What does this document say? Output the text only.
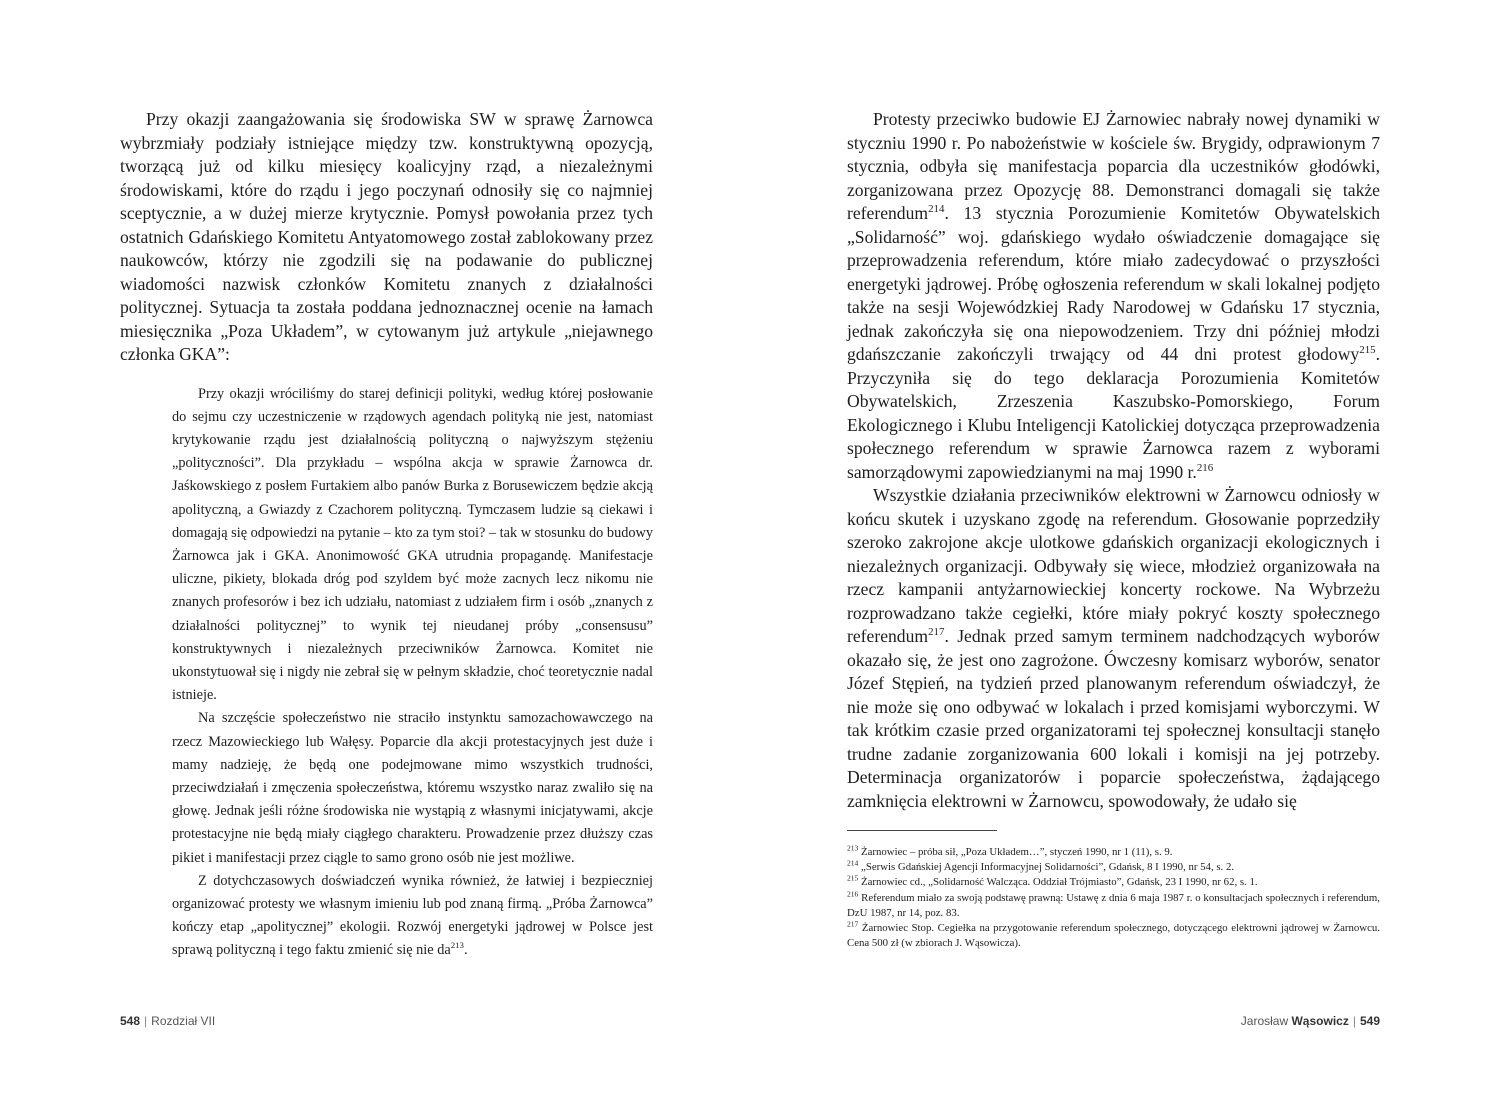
Przy okazji zaangażowania się środowiska SW w sprawę Żarnowca wybrzmiały podziały istniejące między tzw. konstruktywną opozycją, tworzącą już od kilku miesięcy koalicyjny rząd, a niezależnymi środowiskami, które do rządu i jego poczynań odnosiły się co najmniej sceptycznie, a w dużej mierze krytycznie. Pomysł powołania przez tych ostatnich Gdańskiego Komitetu Antyatomowego został zablokowany przez naukowców, którzy nie zgodzili się na podawanie do publicznej wiadomości nazwisk członków Komitetu znanych z działalności politycznej. Sytuacja ta została poddana jednoznacznej ocenie na łamach miesięcznika „Poza Układem”, w cytowanym już artykule „niejawnego członka GKA”:

Przy okazji wróciliśmy do starej definicji polityki, według której posłowanie do sejmu czy uczestniczenie w rządowych agendach polityką nie jest, natomiast krytykowanie rządu jest działalnością polityczną o najwyższym stężeniu „polityczności”. Dla przykładu – wspólna akcja w sprawie Żarnowca dr. Jaśkowskiego z posłem Furtakiem albo panów Burka z Borusewiczem będzie akcją apolityczną, a Gwiazdy z Czachorem polityczną. Tymczasem ludzie są ciekawi i domagają się odpowiedzi na pytanie – kto za tym stoi? – tak w stosunku do budowy Żarnowca jak i GKA. Anonimowość GKA utrudnia propagandę. Manifestacje uliczne, pikiety, blokada dróg pod szyldem być może zacnych lecz nikomu nie znanych profesorów i bez ich udziału, natomiast z udziałem firm i osób „znanych z działalności politycznej” to wynik tej nieudanej próby „consensusu” konstruktywnych i niezależnych przeciwników Żarnowca. Komitet nie ukonstytuował się i nigdy nie zebrał się w pełnym składzie, choć teoretycznie nadal istnieje.

Na szczęście społeczeństwo nie straciło instynktu samozachowawczego na rzecz Mazowieckiego lub Wałęsy. Poparcie dla akcji protestacyjnych jest duże i mamy nadzieję, że będą one podejmowane mimo wszystkich trudności, przeciwdziałań i zmęczenia społeczeństwa, któremu wszystko naraz zwaliło się na głowę. Jednak jeśli różne środowiska nie wystąpią z własnymi inicjatywami, akcje protestacyjne nie będą miały ciągłego charakteru. Prowadzenie przez dłuższy czas pikiet i manifestacji przez ciągle to samo grono osób nie jest możliwe.

Z dotychczasowych doświadczeń wynika również, że łatwiej i bezpieczniej organizować protesty we własnym imieniu lub pod znaną firmą. „Próba Żarnowca” kończy etap „apolitycznej” ekologii. Rozwój energetyki jądrowej w Polsce jest sprawą polityczną i tego faktu zmienić się nie $da^{213}$.

548 | Rozdział VII

Protesty przeciwko budowie EJ Żarnowiec nabrały nowej dynamiki w styczniu 1990 r. Po nabożeństwie w kościele św. Brygidy, odprawionym 7 stycznia, odbyła się manifestacja poparcia dla uczestników głodówki, zorganizowana przez Opozycję 88. Demonstranci domagali się także referendum$^{214}$. 13 stycznia Porozumienie Komitetów Obywatelskich „Solidarność” woj. gdańskiego wydało oświadczenie domagające się przeprowadzenia referendum, które miało zadecydować o przyszłości energetyki jądrowej. Próbę ogłoszenia referendum w skali lokalnej podjęto także na sesji Wojewódzkiej Rady Narodowej w Gdańsku 17 stycznia, jednak zakończyła się ona niepowodzeniem. Trzy dni później młodzi gdańszczanie zakończyli trwający od 44 dni protest głodowy$^{215}$. Przyczyniła się do tego deklaracja Porozumienia Komitetów Obywatelskich, Zrzeszenia Kaszubsko-Pomorskiego, Forum Ekologicznego i Klubu Inteligencji Katolickiej dotycząca przeprowadzenia społecznego referendum w sprawie Żarnowca razem z wyborami samorządowymi zapowiedzianymi na maj 1990 r.$^{216}$

Wszystkie działania przeciwników elektrowni w Żarnowcu odniosły w końcu skutek i uzyskano zgodę na referendum. Głosowanie poprzedziły szeroko zakrojone akcje ulotkowe gdańskich organizacji ekologicznych i niezależnych organizacji. Odbywały się wiece, młodzież organizowała na rzecz kampanii antyżarnowieckiej koncerty rockowe. Na Wybrzeżu rozprowadzano także cegiełki, które miały pokryć koszty społecznego referendum$^{217}$. Jednak przed samym terminem nadchodzących wyborów okazało się, że jest ono zagrożone. Ówczesny komisarz wyborów, senator Józef Stępień, na tydzień przed planowanym referendum oświadczył, że nie może się ono odbywać w lokalach i przed komisjami wyborczymi. W tak krótkim czasie przed organizatorami tej społecznej konsultacji stanęło trudne zadanie zorganizowania 600 lokali i komisji na jej potrzeby. Determinacja organizatorów i poparcie społeczeństwa, żądającego zamknięcia elektrowni w Żarnowcu, spowodowały, że udało się

$^{213}$ Żarnowiec – próba sił, „Poza Układem…”, styczeń 1990, nr 1 (11), s. 9.

$^{214}$ „Serwis Gdańskiej Agencji Informacyjnej Solidarności”, Gdańsk, 8 I 1990, nr 54, s. 2.

$^{215}$ Żarnowiec cd., „Solidarność Walcząca. Oddział Trójmiasto”, Gdańsk, 23 I 1990, nr 62, s. 1.

$^{216}$ Referendum miało za swoją podstawę prawną: Ustawę z dnia 6 maja 1987 r. o konsultacjach społecznych i referendum, DzU 1987, nr 14, poz. 83.

$^{217}$ Żarnowiec Stop. Cegiełka na przygotowanie referendum społecznego, dotyczącego elektrowni jądrowej w Żarnowcu. Cena 500 zł (w zbiorach J. Wąsowicza).

Jarosław Wąsowicz | 549
